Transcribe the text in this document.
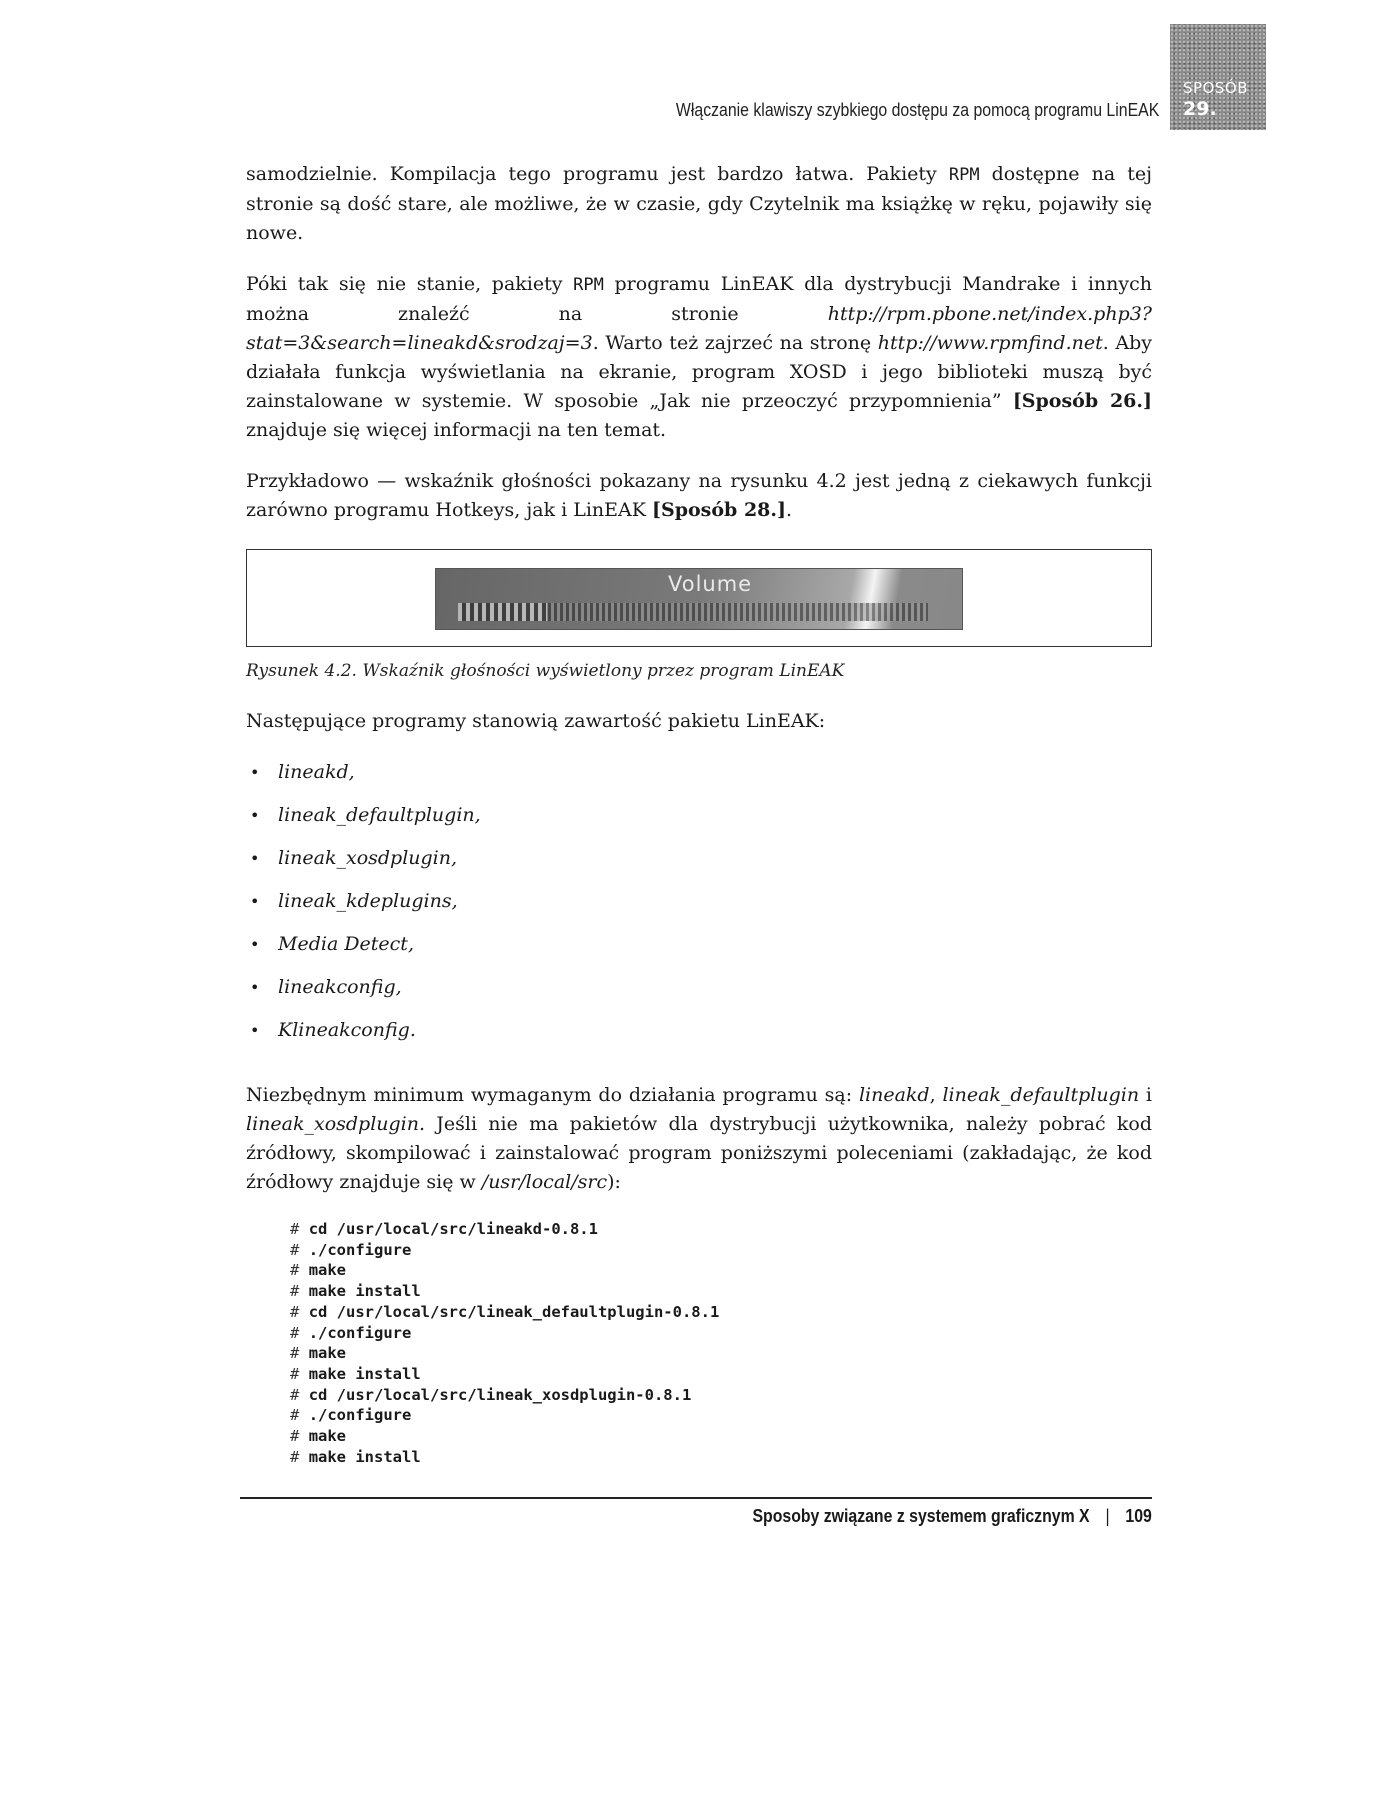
SPOSÓB
29.
Włączanie klawiszy szybkiego dostępu za pomocą programu LinEAK

samodzielnie. Kompilacja tego programu jest bardzo łatwa. Pakiety RPM dostępne na tej stronie są dość stare, ale możliwe, że w czasie, gdy Czytelnik ma książkę w ręku, pojawiły się nowe.

Póki tak się nie stanie, pakiety RPM programu LinEAK dla dystrybucji Mandrake i innych można znaleźć na stronie http://rpm.pbone.net/index.php3?stat=3&search=lineakd&srodzaj=3. Warto też zajrzeć na stronę http://www.rpmfind.net. Aby działała funkcja wyświetlania na ekranie, program XOSD i jego biblioteki muszą być zainstalowane w systemie. W sposobie „Jak nie przeoczyć przypomnienia” [Sposób 26.] znajduje się więcej informacji na ten temat.

Przykładowo — wskaźnik głośności pokazany na rysunku 4.2 jest jedną z ciekawych funkcji zarówno programu Hotkeys, jak i LinEAK [Sposób 28.].

Volume
Rysunek 4.2. Wskaźnik głośności wyświetlony przez program LinEAK

Następujące programy stanowią zawartość pakietu LinEAK:

• lineakd,
• lineak_defaultplugin,
• lineak_xosdplugin,
• lineak_kdeplugins,
• Media Detect,
• lineakconfig,
• Klineakconfig.

Niezbędnym minimum wymaganym do działania programu są: lineakd, lineak_defaultplugin i lineak_xosdplugin. Jeśli nie ma pakietów dla dystrybucji użytkownika, należy pobrać kod źródłowy, skompilować i zainstalować program poniższymi poleceniami (zakładając, że kod źródłowy znajduje się w /usr/local/src):

# cd /usr/local/src/lineakd-0.8.1
# ./configure
# make
# make install
# cd /usr/local/src/lineak_defaultplugin-0.8.1
# ./configure
# make
# make install
# cd /usr/local/src/lineak_xosdplugin-0.8.1
# ./configure
# make
# make install
Sposoby związane z systemem graficznym X | 109
